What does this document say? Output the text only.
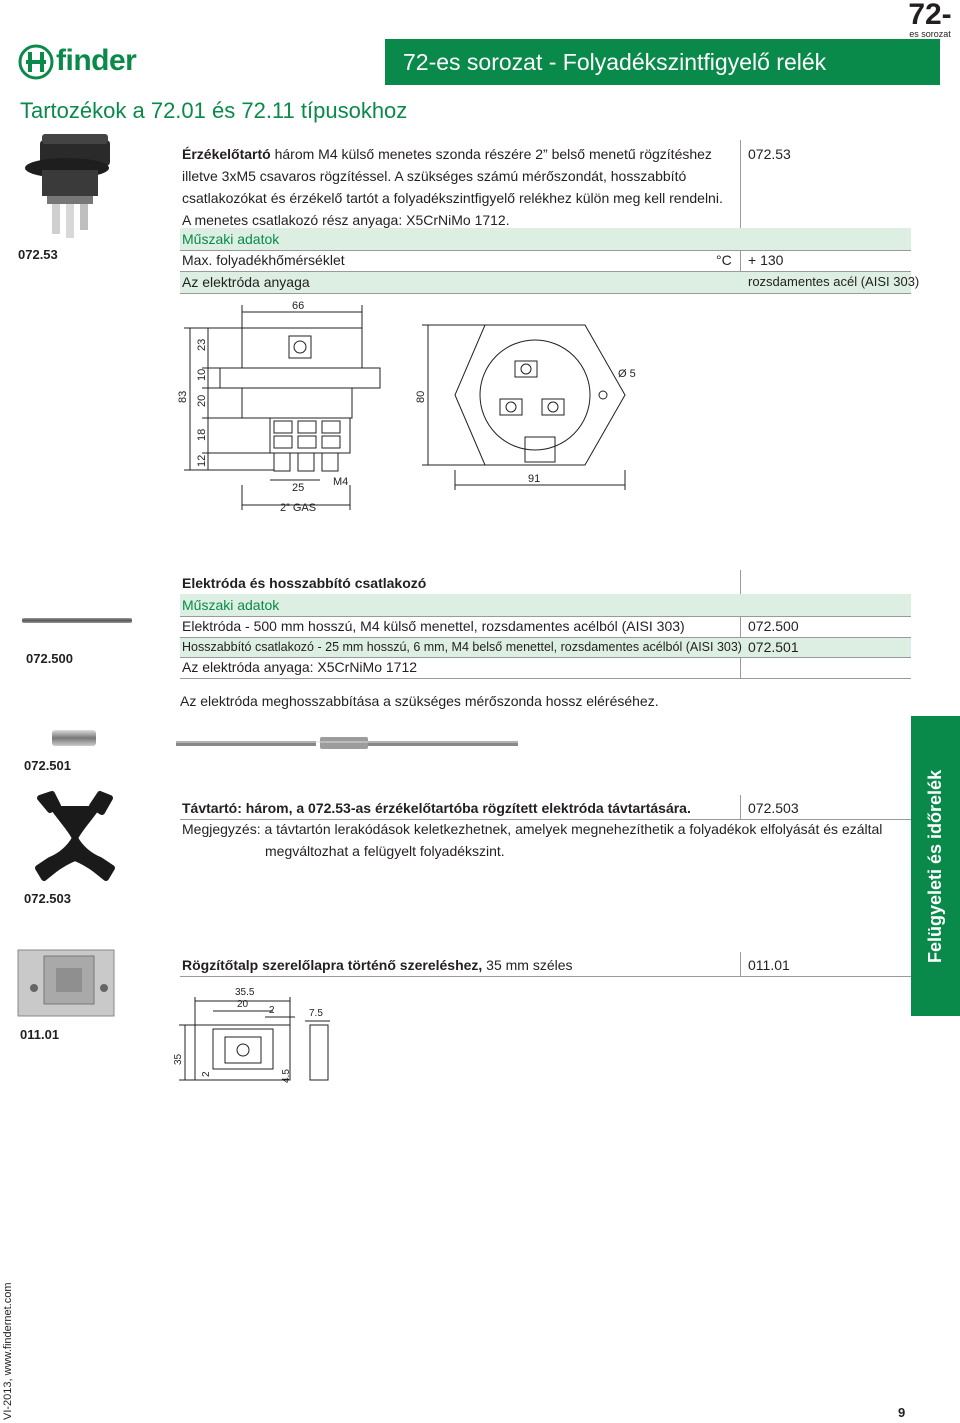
72-
es sorozat
finder	72-es sorozat - Folyadékszintfigyelő relék
Tartozékok a 72.01 és 72.11 típusokhoz
072.53
Érzékelőtartó három M4 külső menetes szonda részére 2” belső menetű rögzítéshez
illetve 3xM5 csavaros rögzítéssel. A szükséges számú mérőszondát, hosszabbító
csatlakozókat és érzékelő tartót a folyadékszintfigyelő relékhez külön meg kell rendelni.
A menetes csatlakozó rész anyaga: X5CrNiMo 1712.
072.53
Műszaki adatok
Max. folyadékhőmérséklet	°C + 130
Az elektróda anyaga	rozsdamentes acél (AISI 303)
66
23
83
10
20
18
12
80
25	M4
2” GAS
Ø 5
91
072.500
Elektróda és hosszabbító csatlakozó
Műszaki adatok
Elektróda - 500 mm hosszú, M4 külső menettel, rozsdamentes acélból (AISI 303)	072.500
Hosszabbító csatlakozó - 25 mm hosszú, 6 mm, M4 belső menettel, rozsdamentes acélból (AISI 303) 072.501
Az elektróda anyaga: X5CrNiMo 1712
Az elektróda meghosszabbítása a szükséges mérőszonda hossz eléréséhez.
072.501
072.503
Távtartó: három, a 072.53-as érzékelőtartóba rögzített elektróda távtartására.	072.503
Megjegyzés: a távtartón lerakódások keletkezhetnek, amelyek megnehezíthetik a folyadékok elfolyását és ezáltal
megváltozhat a felügyelt folyadékszint.
011.01
Rögzítőtalp szerelőlapra történő szereléshez, 35 mm széles	011.01
35.5
20
2	7.5
35
2	4.5
Felügyeleti és időrelék
VI-2013, www.findernet.com	9
